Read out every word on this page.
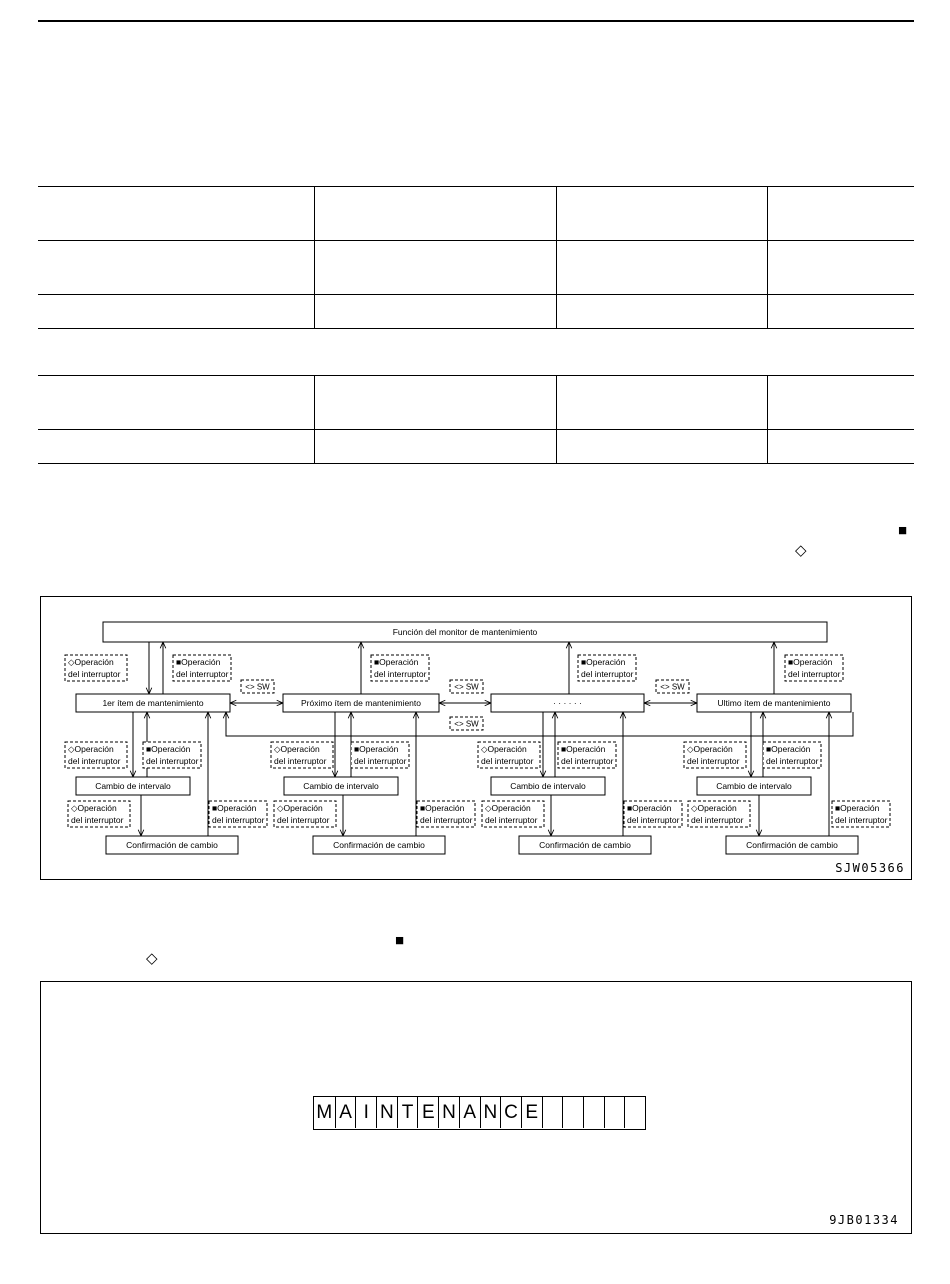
■
◇
Función del monitor de mantenimiento
1er ítem de mantenimiento	Próximo ítem de mantenimiento	· · · · · ·	Ultimo ítem de mantenimiento
Cambio de intervalo	Cambio de intervalo	Cambio de intervalo	Cambio de intervalo
Confirmación de cambio	Confirmación de cambio	Confirmación de cambio	Confirmación de cambio
◇Operación
del interruptor
◇Operación
del interruptor
◇Operación
del interruptor
◇Operación
del interruptor
◇Operación
del interruptor
◇Operación
del interruptor
◇Operación
del interruptor
◇Operación
del interruptor
◇Operación
del interruptor
■Operación
del interruptor
■Operación
del interruptor
■Operación
del interruptor
■Operación
del interruptor
■Operación
del interruptor
■Operación
del interruptor
■Operación
del interruptor
■Operación
del interruptor
■Operación
del interruptor
■Operación
del interruptor
■Operación
del interruptor
■Operación
del interruptor
<> SW	<> SW	<> SW
<> SW
SJW05366
■
◇
9JB01334
M A I N T E N A N C E
